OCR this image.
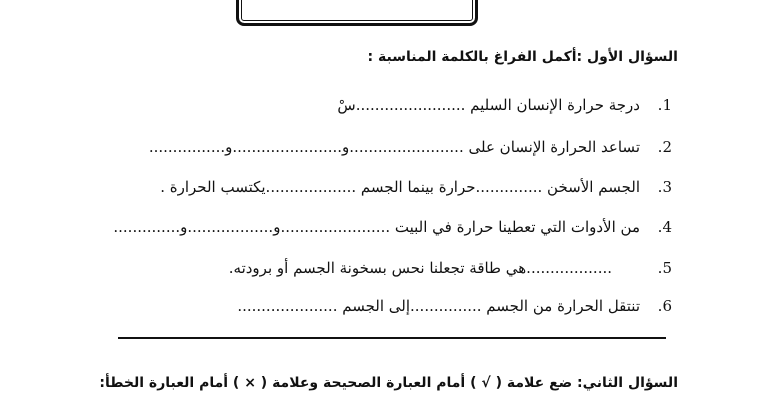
السؤال الأول :أكمل الفراغ بالكلمة المناسبة :
1.
درجة حرارة الإنسان السليم .......................سْ
2.
تساعد الحرارة الإنسان على ........................و.......................و................
3.
الجسم الأسخن ..............حرارة بينما الجسم ...................يكتسب الحرارة .
4.
من الأدوات التي تعطينا حرارة في البيت .......................و..................و..............
5.
..................هي طاقة تجعلنا نحس بسخونة الجسم أو برودته.
6.
تنتقل الحرارة من الجسم ...............إلى الجسم .....................
السؤال الثاني: ضع علامة ( √ ) أمام العبارة الصحيحة وعلامة ( × ) أمام العبارة الخطأ:
